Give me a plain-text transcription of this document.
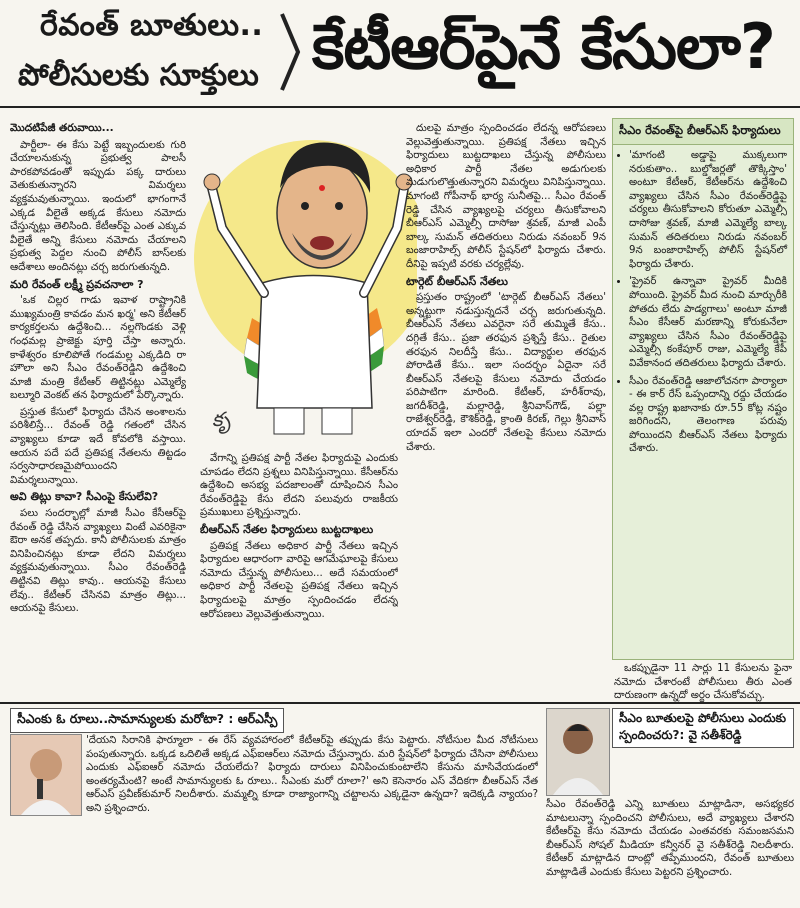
రేవంత్ బూతులు..
పోలీసులకు సూక్తులు కేటీఆర్‌పైనే కేసులా?
మొదటిపేజీ తరువాయి...

పార్టీలా- ఈ కేసు పెట్టే ఇబ్బందులకు గురి చేయాలనుకున్న ప్రభుత్వ పాలసీ పారకపోవడంతో ఇప్పుడు పక్క దారులు వెతుకుతున్నారని విమర్శలు వ్యక్తమవుతున్నాయి. ఇందులో భాగంగానే ఎక్కడ వీలైతే అక్కడ కేసులు నమోదు చేస్తున్నట్లు తెలిసింది. కేటీఆర్‌పై ఎంత ఎక్కువ వీలైతే అన్ని కేసులు నమోదు చేయాలని ప్రభుత్వ పెద్దల నుంచి పోలీస్ బాస్‌లకు ఆదేశాలు అందినట్లు చర్చ జరుగుతున్నది.

మరి రేవంత్ లక్ష్మీ ప్రవచనాలా ?

'ఒక చిల్లర గాడు ఇవాళ రాష్ట్రానికి ముఖ్యమంత్రి కావడం మన ఖర్మ' అని కేటీఆర్ కార్యకర్తలను ఉద్దేశించి... నల్లగొండకు వెళ్లి గంధమల్ల ప్రాజెక్టు పూర్తి చేస్తా అన్నారు. కాళేశ్వరం కూలిపోతే గండమల్ల ఎక్కడిది రా హౌలా అని సీఎం రేవంత్‌రెడ్డిని ఉద్దేశించి మాజీ మంత్రి కేటీఆర్ తిట్టినట్లు ఎమ్మెల్యే బల్మూరి వెంకట్ తన ఫిర్యాదులో పేర్కొన్నారు.

ప్రస్తుత కేసులో ఫిర్యాదు చేసిన అంశాలను పరిశీలిస్తే... రేవంత్ రెడ్డి గతంలో చేసిన వ్యాఖ్యలు కూడా ఇదే కోవలోకి వస్తాయి. ఆయన పదే పదే ప్రతిపక్ష నేతలను తిట్టడం సర్వసాధారణమైపోయిందని విమర్శలున్నాయి.

అవి తిట్లు కావా? సీఎంపై కేసులేవి?

పలు సందర్భాల్లో మాజీ సీఎం కేసీఆర్‌పై రేవంత్ రెడ్డి చేసిన వ్యాఖ్యలు వింటే ఎవరికైనా ఔరా అనక తప్పదు. కానీ పోలీసులకు మాత్రం వినిపించినట్లు కూడా లేదని విమర్శలు వ్యక్తమవుతున్నాయి. సీఎం రేవంత్‌రెడ్డి తిట్టినవి తిట్లు కావు.. ఆయనపై కేసులు లేవు.. కేటీఆర్ చేసినవి మాత్రం తిట్లు... ఆయనపై కేసులు.

కృ

వేగాన్ని ప్రతిపక్ష పార్టీ నేతల ఫిర్యాదుపై ఎందుకు చూపడం లేదని ప్రశ్నలు వినిపిస్తున్నాయి. కేసీఆర్‌ను ఉద్దేశించి అసభ్య పదజాలంతో దూషించిన సీఎం రేవంత్‌రెడ్డిపై కేసు లేదని పలువురు రాజకీయ ప్రముఖులు ప్రశ్నిస్తున్నారు.

బీఆర్‌ఎస్ నేతల ఫిర్యాదులు బుట్టదాఖలు

ప్రతిపక్ష నేతలు అధికార పార్టీ నేతలు ఇచ్చిన ఫిర్యాదుల ఆధారంగా వారిపై ఆగమేఘాలపై కేసులు నమోదు చేస్తున్న పోలీసులు... అదే సమయంలో అధికార పార్టీ నేతలపై ప్రతిపక్ష నేతలు ఇచ్చిన ఫిర్యాదులపై మాత్రం స్పందించడం లేదన్న ఆరోపణలు వెల్లువెత్తుతున్నాయి.

దులపై మాత్రం స్పందించడం లేదన్న ఆరోపణలు వెల్లువెత్తుతున్నాయి. ప్రతిపక్ష నేతలు ఇచ్చిన ఫిర్యాదులు బుట్టదాఖలు చేస్తున్న పోలీసులు అధికార పార్టీ నేతల అడుగులకు మడుగులొత్తుతున్నారని విమర్శలు వినిపిస్తున్నాయి. మాగంటి గోపీనాథ్ భార్య సునీతపై... సీఎం రేవంత్ రెడ్డి చేసిన వ్యాఖ్యలపై చర్యలు తీసుకోవాలని బీఆర్‌ఎస్ ఎమ్మెల్సీ దాసోజు శ్రవణ్, మాజీ ఎంపీ బాల్క సుమన్ తదితరులు నిరుడు నవంబర్ 9న బంజారాహిల్స్ పోలీస్ స్టేషన్‌లో ఫిర్యాదు చేశారు. దీనిపై ఇప్పటి వరకు చర్యల్లేవు.

టార్గెట్ బీఆర్‌ఎస్ నేతలు

ప్రస్తుతం రాష్ట్రంలో 'టార్గెట్ బీఆర్‌ఎస్ నేతలు' అన్నట్టుగా నడుస్తున్నదనే చర్చ జరుగుతున్నది. బీఆర్‌ఎస్ నేతలు ఎవరైనా సరే తుమ్మితే కేసు.. దగ్గితే కేసు.. ప్రజా తరఫున ప్రశ్నిస్తే కేసు.. రైతుల తరఫున నిలదీస్తే కేసు.. విద్యార్థుల తరఫున పోరాడితే కేసు.. ఇలా సందర్భం ఏదైనా సరే బీఆర్‌ఎస్ నేతలపై కేసులు నమోదు చేయడం పరిపాటిగా మారింది. కేటీఆర్, హరీశ్‌రావు, జగదీశ్‌రెడ్డి, మల్లారెడ్డి, శ్రీనివాస్‌గౌడ్, పల్లా రాజేశ్వర్‌రెడ్డి, కౌశిక్‌రెడ్డి, క్రాంతి కిరణ్, గెల్లు శ్రీనివాస్ యాదవ్ ఇలా ఎందరో నేతలపై కేసులు నమోదు చేశారు.

సీఎం రేవంత్‌పై బీఆర్‌ఎస్ ఫిర్యాదులు
• 'మాగంటి అడ్డాపై ముక్కలుగా నరుకుతాం.. బుల్డోజర్లతో తొక్కిస్తాం' అంటూ కేటీఆర్, కేటీఆర్‌ను ఉద్దేశించి వ్యాఖ్యలు చేసిన సీఎం రేవంత్‌రెడ్డిపై చర్యలు తీసుకోవాలని కోరుతూ ఎమ్మెల్సీ దాసోజు శ్రవణ్, మాజీ ఎమ్మెల్యే బాల్క సుమన్ తదితరులు నిరుడు నవంబర్ 9న బంజారాహిల్స్ పోలీస్ స్టేషన్‌లో ఫిర్యాదు చేశారు.
• 'ప్రైవర్ ఉన్నావా ప్రైవర్ మీదికి పోయింది. ప్రైవర్ మీద నుంచి మార్చురీకి పోతదు లేదు పాడ్యగాలు' అంటూ మాజీ సీఎం కేసీఆర్ మరణాన్ని కోరుకునేలా వ్యాఖ్యలు చేసిన సీఎం రేవంత్‌రెడ్డిపై ఎమ్మెల్సీ కంకేపూర్ రాజు, ఎమ్మెల్యే కేపీ వివేకానంద తదితరులు ఫిర్యాదు చేశారు.
• సీఎం రేవంత్‌రెడ్డి ఆజాలోచనగా పార్యాలా - ఈ కార్ రేస్ ఒప్పందాన్ని రద్దు చేయడం వల్ల రాష్ట్ర ఖజానాకు రూ.55 కోట్ల నష్టం జరిగిందని, తెలంగాణ పరువు పోయిందని బీఆర్‌ఎస్ నేతలు ఫిర్యాదు చేశారు.

ఒకప్పుడైనా 11 సార్లు 11 కేసులను ఫైనా నమోదు చేశారంటే పోలీసులు తీరు ఎంత దారుణంగా ఉన్నదో అర్థం చేసుకోవచ్చు.

సీఎంకు ఓ రూలు..సామాన్యులకు మరోటా? : ఆర్‌ఎస్పీ
'దేయని సిరానికి ఫార్మూలా - ఈ రేస్ వ్యవహారంలో కేటీఆర్‌పై తప్పుడు కేసు పెట్టారు. నోటీసుల మీద నోటీసులు పంపుతున్నారు. ఒక్కడ ఒదిలితే అక్కడ ఎఫ్ఐఆర్‌లు నమోదు చేస్తున్నారు. మరి స్టేషన్‌లో ఫిర్యాదు చేసినా పోలీసులు ఎందుకు ఎఫ్ఐఆర్ నమోదు చేయలేదు? ఫిర్యాదు దారులు వినిపించుకుంటాలేని కేసును మాసివేయడంలో అంతర్యమేంటి? అంటే సామాన్యులకు ఓ రూలు.. సీఎంకు మరో రూలా?' అని కెసెనారం ఎస్ వేదికగా బీఆర్‌ఎస్ నేత ఆర్‌ఎస్ ప్రవీణ్‌కుమార్ నిలదీశారు. మమ్మల్ని కూడా రాజ్యాంగాన్ని చట్టాలను ఎక్కడైనా ఉన్నదా? ఇదెక్కడి న్యాయం? అని ప్రశ్నించారు.
సీఎం బూతులపై పోలీసులు ఎందుకు స్పందించరు?: వై సతీశ్‌రెడ్డి
సీఎం రేవంత్‌రెడ్డి ఎన్ని బూతులు మాట్లాడినా, అసభ్యకర మాటలున్నా స్పందించని పోలీసులు, అదే వ్యాఖ్యలు చేశారని కేటీఆర్‌పై కేసు నమోదు చేయడం ఎంతవరకు సమంజసమని బీఆర్‌ఎస్ సోషల్ మీడియా కన్వీనర్ వై సతీశ్‌రెడ్డి నిలదీశారు. కేటీఆర్ మాట్లాడిన దాంట్లో తప్పేముందని, రేవంత్ బూతులు మాట్లాడితే ఎందుకు కేసులు పెట్టరని ప్రశ్నించారు.
